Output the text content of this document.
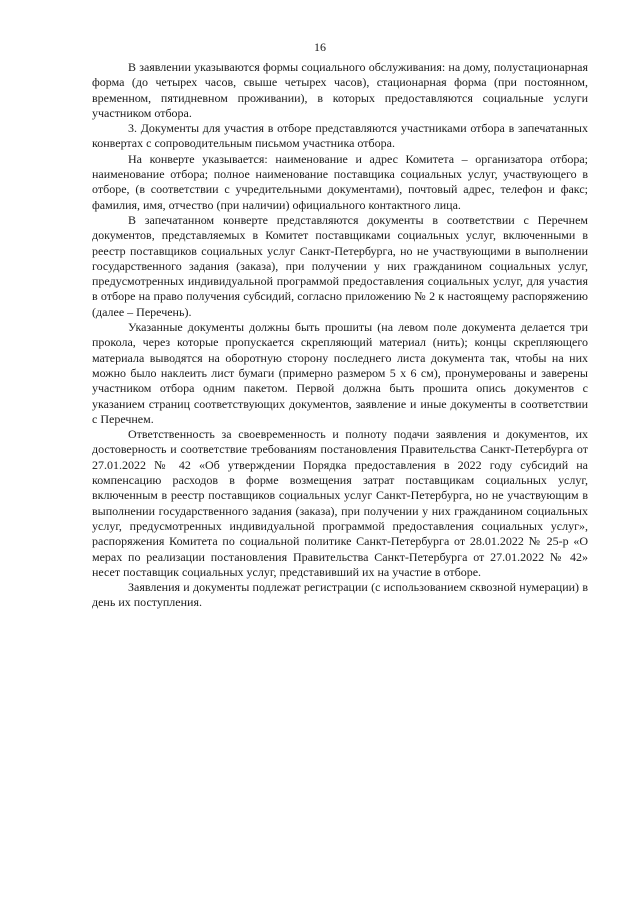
16

В заявлении указываются формы социального обслуживания: на дому, полустационарная форма (до четырех часов, свыше четырех часов), стационарная форма (при постоянном, временном, пятидневном проживании), в которых предоставляются социальные услуги участником отбора.

3. Документы для участия в отборе представляются участниками отбора в запечатанных конвертах с сопроводительным письмом участника отбора.

На конверте указывается: наименование и адрес Комитета – организатора отбора; наименование отбора; полное наименование поставщика социальных услуг, участвующего в отборе, (в соответствии с учредительными документами), почтовый адрес, телефон и факс; фамилия, имя, отчество (при наличии) официального контактного лица.

В запечатанном конверте представляются документы в соответствии с Перечнем документов, представляемых в Комитет поставщиками социальных услуг, включенными в реестр поставщиков социальных услуг Санкт-Петербурга, но не участвующими в выполнении государственного задания (заказа), при получении у них гражданином социальных услуг, предусмотренных индивидуальной программой предоставления социальных услуг, для участия в отборе на право получения субсидий, согласно приложению № 2 к настоящему распоряжению (далее – Перечень).

Указанные документы должны быть прошиты (на левом поле документа делается три прокола, через которые пропускается скрепляющий материал (нить); концы скрепляющего материала выводятся на оборотную сторону последнего листа документа так, чтобы на них можно было наклеить лист бумаги (примерно размером 5 х 6 см), пронумерованы и заверены участником отбора одним пакетом. Первой должна быть прошита опись документов с указанием страниц соответствующих документов, заявление и иные документы в соответствии с Перечнем.

Ответственность за своевременность и полноту подачи заявления и документов, их достоверность и соответствие требованиям постановления Правительства Санкт-Петербурга от 27.01.2022 № 42 «Об утверждении Порядка предоставления в 2022 году субсидий на компенсацию расходов в форме возмещения затрат поставщикам социальных услуг, включенным в реестр поставщиков социальных услуг Санкт-Петербурга, но не участвующим в выполнении государственного задания (заказа), при получении у них гражданином социальных услуг, предусмотренных индивидуальной программой предоставления социальных услуг», распоряжения Комитета по социальной политике Санкт-Петербурга от 28.01.2022 № 25-р «О мерах по реализации постановления Правительства Санкт-Петербурга от 27.01.2022 № 42» несет поставщик социальных услуг, представивший их на участие в отборе.

Заявления и документы подлежат регистрации (с использованием сквозной нумерации) в день их поступления.
